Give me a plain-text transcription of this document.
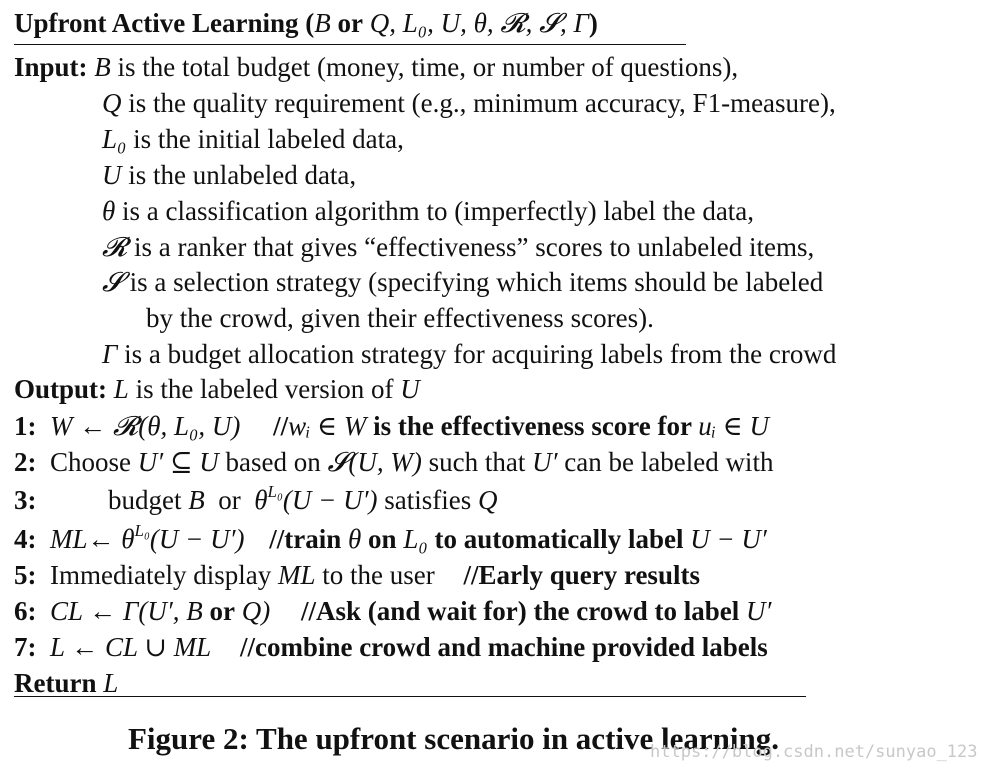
Upfront Active Learning (B or Q, L₀, U, θ, 𝓡, 𝓢, Γ)
Input: B is the total budget (money, time, or number of questions),
Q is the quality requirement (e.g., minimum accuracy, F1-measure),
L₀ is the initial labeled data,
U is the unlabeled data,
θ is a classification algorithm to (imperfectly) label the data,
𝓡 is a ranker that gives “effectiveness” scores to unlabeled items,
𝓢 is a selection strategy (specifying which items should be labeled
by the crowd, given their effectiveness scores).
Γ is a budget allocation strategy for acquiring labels from the crowd
Output: L is the labeled version of U
1: W ← 𝓡(θ, L₀, U) //wᵢ ∈ W is the effectiveness score for uᵢ ∈ U
2: Choose U′ ⊆ U based on 𝓢(U, W) such that U′ can be labeled with
3:	budget B  or  $\theta^{L_0}(U - U')$ satisfies Q
4: ML← $\theta^{L_0}(U - U')$ //train θ on L₀ to automatically label U − U′
5: Immediately display ML to the user //Early query results
6: CL ← Γ(U′, B or Q) //Ask (and wait for) the crowd to label U′
7: L ← CL ∪ ML //combine crowd and machine provided labels
Return L
Figure 2: The upfront scenario in active learning.
https://blog.csdn.net/sunyao_123
